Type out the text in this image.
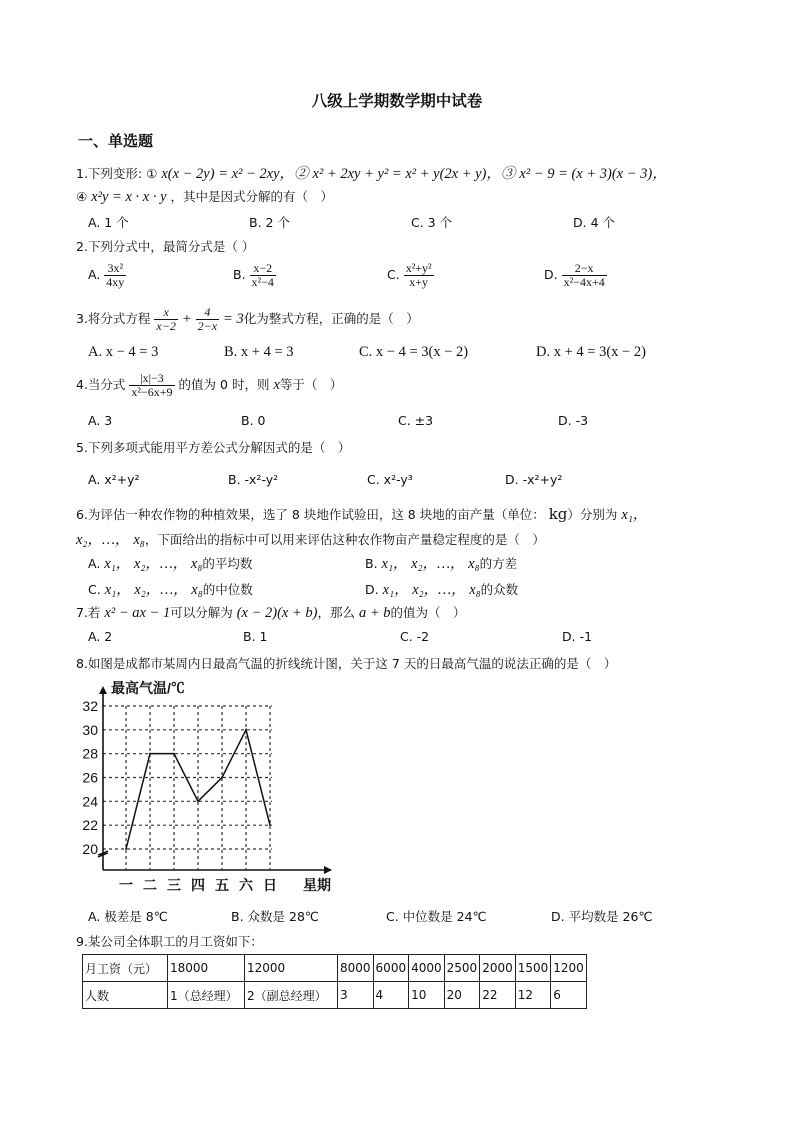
八级上学期数学期中试卷
一、单选题
1.下列变形: ① x(x − 2y) = x² − 2xy，② x² + 2xy + y² = x² + y(2x + y)，③ x² − 9 = (x + 3)(x − 3)，
④ x²y = x · x · y ，其中是因式分解的有（　）
A. 1 个	B. 2 个	C. 3 个	D. 4 个
2.下列分式中，最简分式是（ ）
A. $\frac{\text{3x²}}{4xy}$	B. $\frac{x-2}{\text{x²−4}}$	C. $\frac{\text{x²+y²}}{x+y}$	D. $\frac{2-x}{\text{x²−4x+4}}$
3.将分式方程 $\frac{x}{x-2} + \frac{4}{2-x} = 3$化为整式方程，正确的是（　）
A. x − 4 = 3	B. x + 4 = 3	C. x − 4 = 3(x − 2)	D. x + 4 = 3(x − 2)
4.当分式 $\frac{|x|-3}{\text{x²−6x+9}}$ 的值为 0 时，则 x等于（　）
A. 3	B. 0	C. ±3	D. -3
5.下列多项式能用平方差公式分解因式的是（　）
A. x²+y²	B. -x²-y²	C. x²-y³	D. -x²+y²
6.为评估一种农作物的种植效果，选了 8 块地作试验田，这 8 块地的亩产量（单位： kg）分别为 x₁，
x₂，…， x₈，下面给出的指标中可以用来评估这种农作物亩产量稳定程度的是（　）
A. x₁， x₂，…， x₈的平均数	B. x₁， x₂，…， x₈的方差
C. x₁， x₂，…， x₈的中位数	D. x₁， x₂，…， x₈的众数
7.若 x² − ax − 1可以分解为 (x − 2)(x + b)，那么 a + b的值为（　）
A. 2	B. 1	C. -2	D. -1
8.如图是成都市某周内日最高气温的折线统计图，关于这 7 天的日最高气温的说法正确的是（　）
20
22
24
26
28
30
32
一 二 三 四 五 六 日
最高气温/℃
星期
A. 极差是 8℃	B. 众数是 28℃	C. 中位数是 24℃	D. 平均数是 26℃
9.某公司全体职工的月工资如下：
月工资（元）	18000	12000	8000	6000	4000	2500	2000	1500	1200
人数	1（总经理）	2（副总经理）	3	4	10	20	22	12	6
